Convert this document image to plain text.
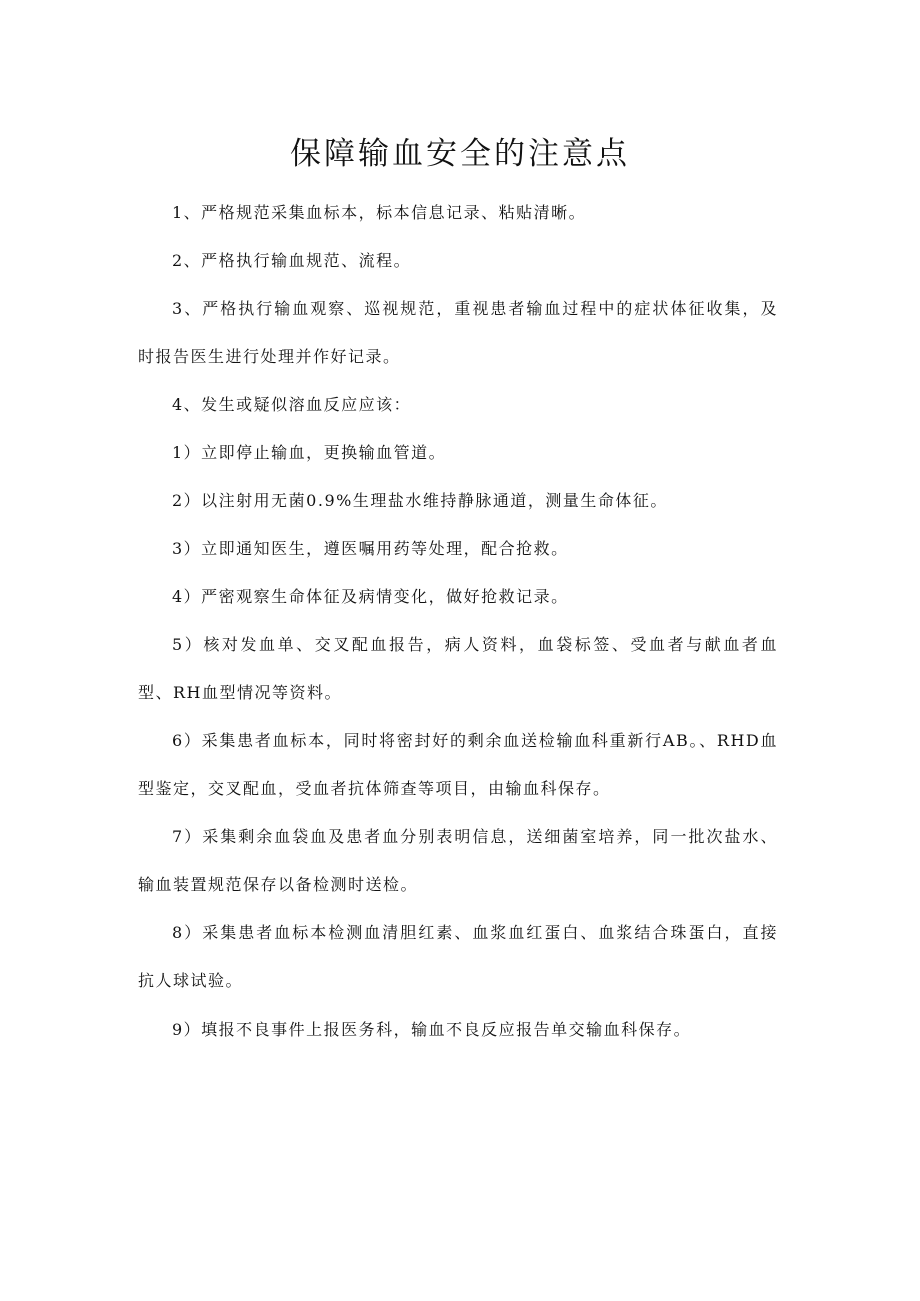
保障输血安全的注意点

1、严格规范采集血标本，标本信息记录、粘贴清晰。

2、严格执行输血规范、流程。

3、严格执行输血观察、巡视规范，重视患者输血过程中的症状体征收集，及时报告医生进行处理并作好记录。

4、发生或疑似溶血反应应该：

1）立即停止输血，更换输血管道。

2）以注射用无菌0.9%生理盐水维持静脉通道，测量生命体征。

3）立即通知医生，遵医嘱用药等处理，配合抢救。

4）严密观察生命体征及病情变化，做好抢救记录。

5）核对发血单、交叉配血报告，病人资料，血袋标签、受血者与献血者血型、RH血型情况等资料。

6）采集患者血标本，同时将密封好的剩余血送检输血科重新行AB。、RHD血型鉴定，交叉配血，受血者抗体筛查等项目，由输血科保存。

7）采集剩余血袋血及患者血分别表明信息，送细菌室培养，同一批次盐水、输血装置规范保存以备检测时送检。

8）采集患者血标本检测血清胆红素、血浆血红蛋白、血浆结合珠蛋白，直接抗人球试验。

9）填报不良事件上报医务科，输血不良反应报告单交输血科保存。
